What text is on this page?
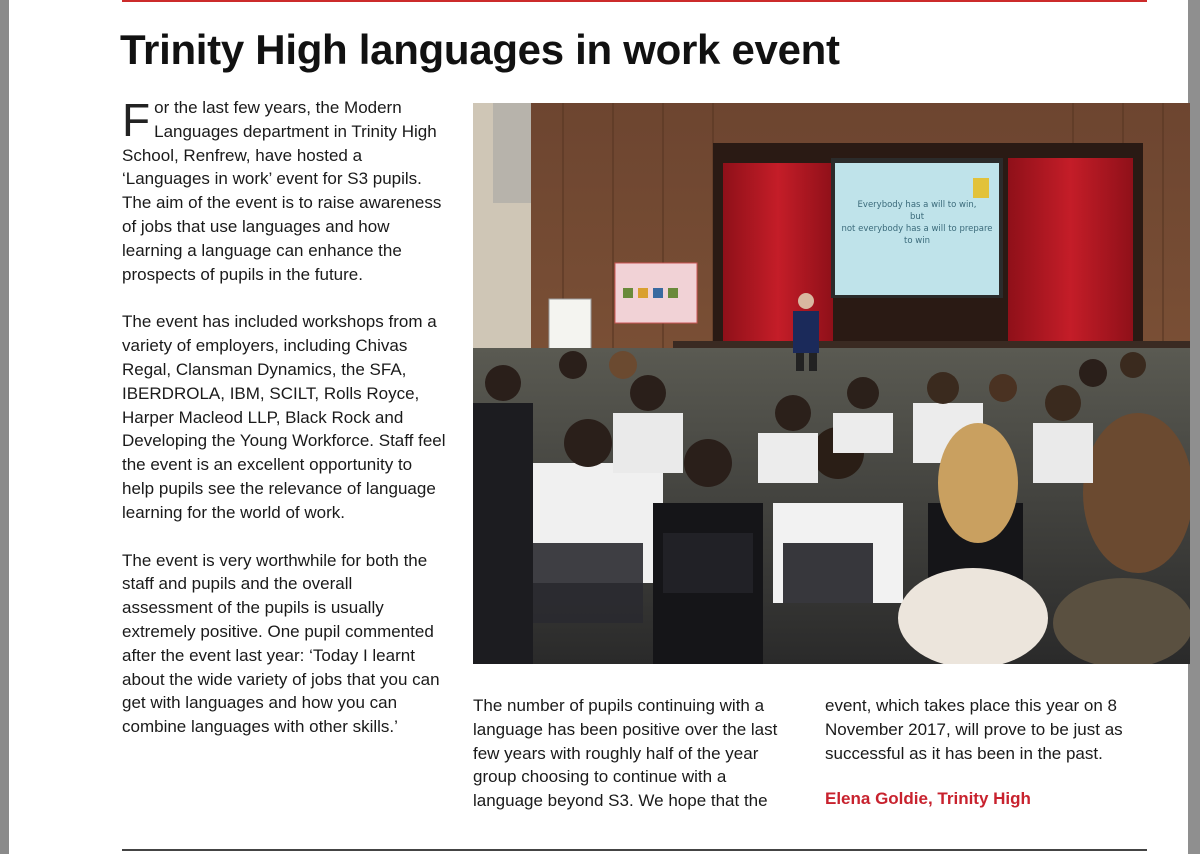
Trinity High languages in work event

For the last few years, the Modern Languages department in Trinity High School, Renfrew, have hosted a ‘Languages in work’ event for S3 pupils. The aim of the event is to raise awareness of jobs that use languages and how learning a language can enhance the prospects of pupils in the future.

The event has included workshops from a variety of employers, including Chivas Regal, Clansman Dynamics, the SFA, IBERDROLA, IBM, SCILT, Rolls Royce, Harper Macleod LLP, Black Rock and Developing the Young Workforce. Staff feel the event is an excellent opportunity to help pupils see the relevance of language learning for the world of work.

The event is very worthwhile for both the staff and pupils and the overall assessment of the pupils is usually extremely positive. One pupil commented after the event last year: ‘Today I learnt about the wide variety of jobs that you can get with languages and how you can combine languages with other skills.’

Everybody has a will to win,
but
not everybody has a will to prepare
to win

The number of pupils continuing with a language has been positive over the last few years with roughly half of the year group choosing to continue with a language beyond S3. We hope that the

event, which takes place this year on 8 November 2017, will prove to be just as successful as it has been in the past.

Elena Goldie, Trinity High
